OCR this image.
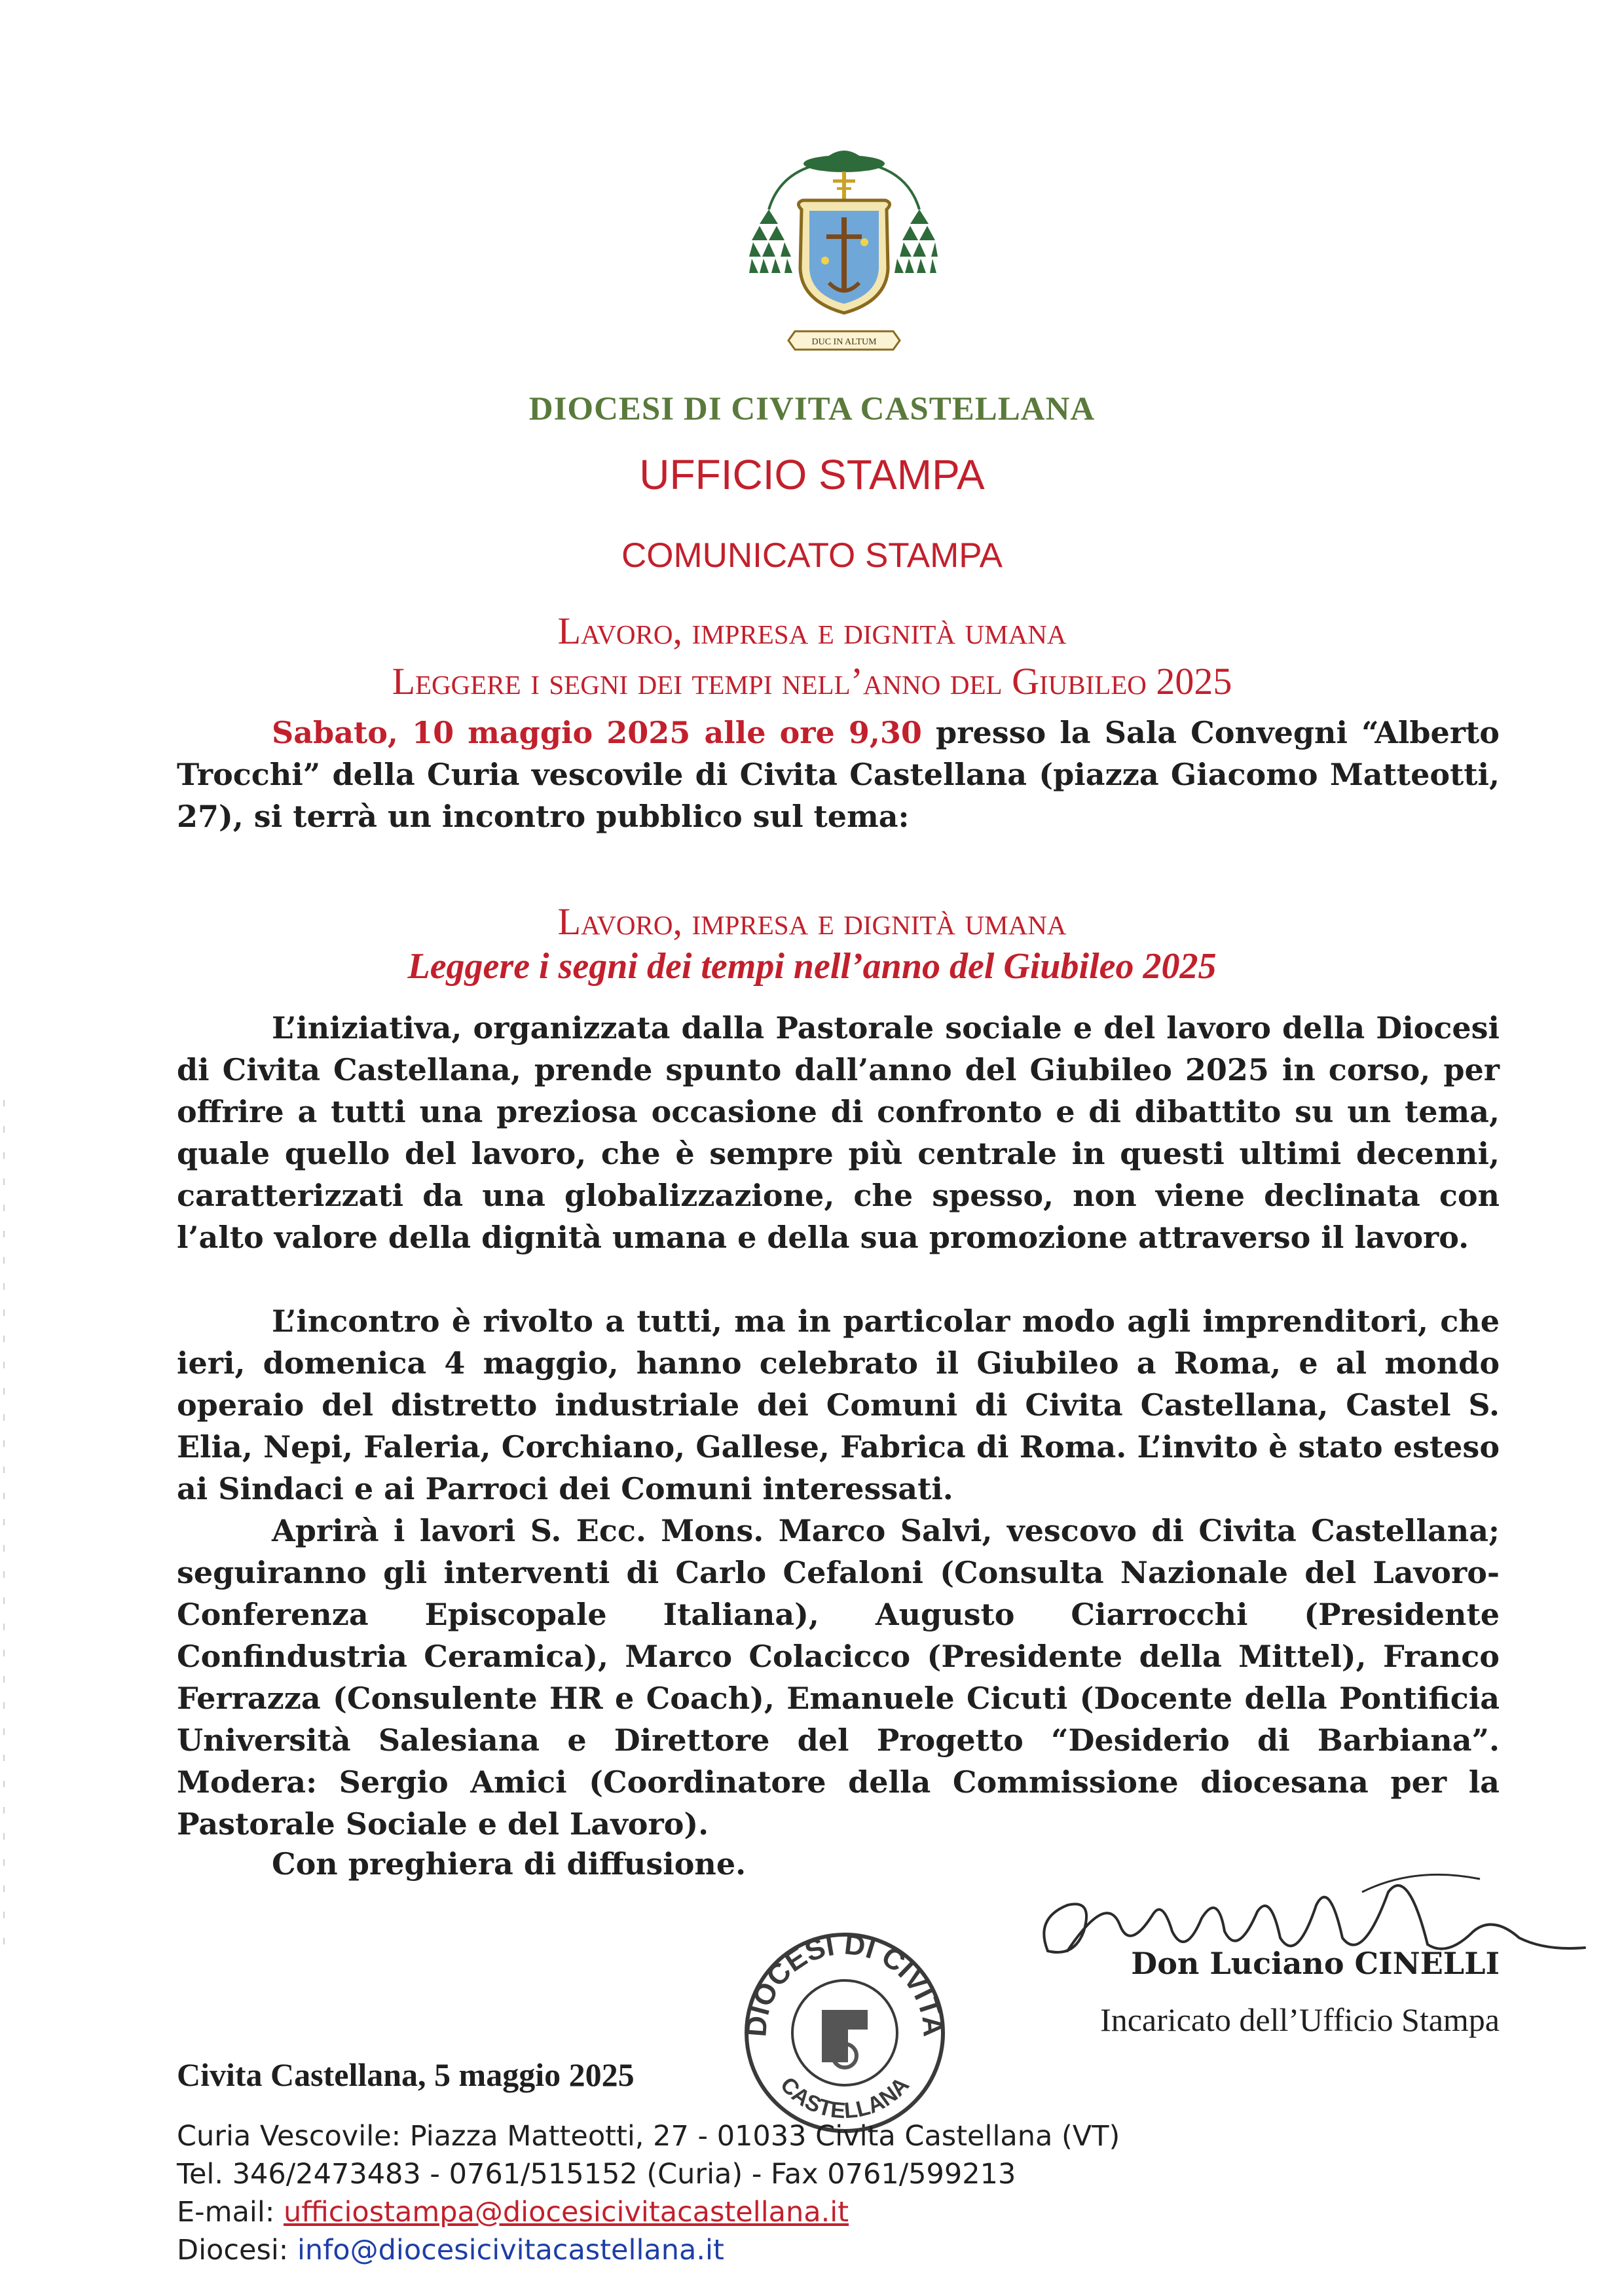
DUC IN ALTUM
DIOCESI DI CIVITA CASTELLANA
UFFICIO STAMPA
COMUNICATO STAMPA
Lavoro, impresa e dignità umana
Leggere i segni dei tempi nell’anno del Giubileo 2025

Sabato, 10 maggio 2025 alle ore 9,30 presso la Sala Convegni “Alberto Trocchi” della Curia vescovile di Civita Castellana (piazza Giacomo Matteotti, 27), si terrà un incontro pubblico sul tema:

Lavoro, impresa e dignità umana
Leggere i segni dei tempi nell’anno del Giubileo 2025

L’iniziativa, organizzata dalla Pastorale sociale e del lavoro della Diocesi di Civita Castellana, prende spunto dall’anno del Giubileo 2025 in corso, per offrire a tutti una preziosa occasione di confronto e di dibattito su un tema, quale quello del lavoro, che è sempre più centrale in questi ultimi decenni, caratterizzati da una globalizzazione, che spesso, non viene declinata con l’alto valore della dignità umana e della sua promozione attraverso il lavoro.

L’incontro è rivolto a tutti, ma in particolar modo agli imprenditori, che ieri, domenica 4 maggio, hanno celebrato il Giubileo a Roma, e al mondo operaio del distretto industriale dei Comuni di Civita Castellana, Castel S. Elia, Nepi, Faleria, Corchiano, Gallese, Fabrica di Roma. L’invito è stato esteso ai Sindaci e ai Parroci dei Comuni interessati.

Aprirà i lavori S. Ecc. Mons. Marco Salvi, vescovo di Civita Castellana; seguiranno gli interventi di Carlo Cefaloni (Consulta Nazionale del Lavoro-Conferenza Episcopale Italiana), Augusto Ciarrocchi (Presidente Confindustria Ceramica), Marco Colacicco (Presidente della Mittel), Franco Ferrazza (Consulente HR e Coach), Emanuele Cicuti (Docente della Pontificia Università Salesiana e Direttore del Progetto “Desiderio di Barbiana”. Modera: Sergio Amici (Coordinatore della Commissione diocesana per la Pastorale Sociale e del Lavoro).

Con preghiera di diffusione.
Don Luciano CINELLI
Incaricato dell’Ufficio Stampa
DIOCESI DI CIVITA
CASTELLANA
Civita Castellana, 5 maggio 2025
Curia Vescovile: Piazza Matteotti, 27 - 01033 Civita Castellana (VT)
Tel. 346/2473483 - 0761/515152 (Curia) - Fax 0761/599213
E-mail: ufficiostampa@diocesicivitacastellana.it
Diocesi: info@diocesicivitacastellana.it
